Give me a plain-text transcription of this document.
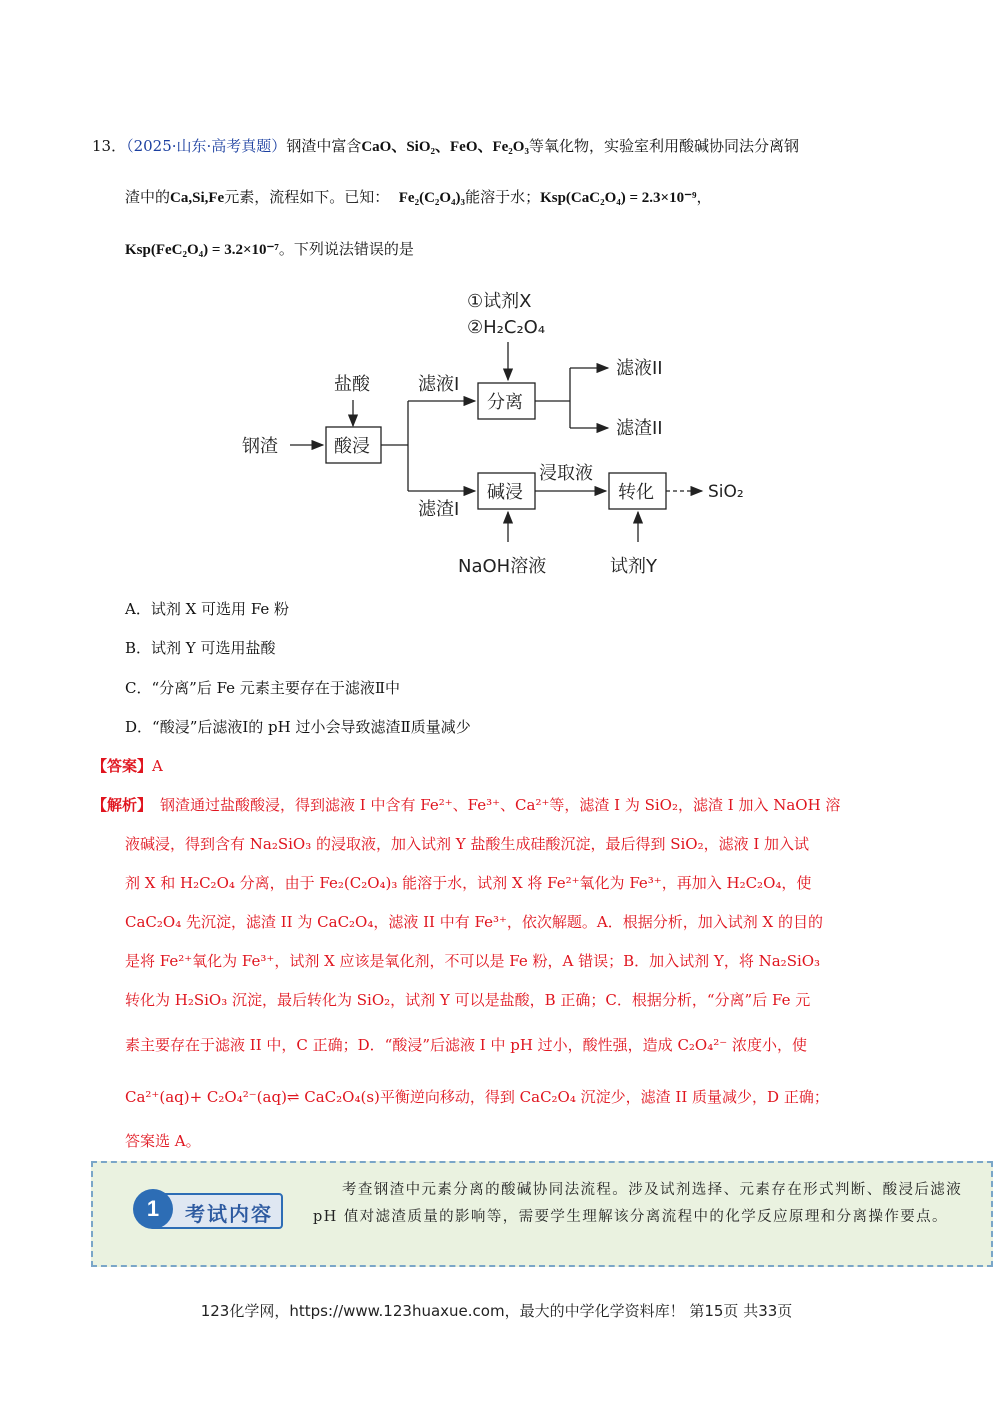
13．（2025·山东·高考真题）钢渣中富含CaO、SiO₂、FeO、Fe₂O₃等氧化物，实验室利用酸碱协同法分离钢
渣中的Ca,Si,Fe元素，流程如下。已知： Fe₂(C₂O₄)₃能溶于水；Ksp(CaC₂O₄) = 2.3×10⁻⁹，
Ksp(FeC₂O₄) = 3.2×10⁻⁷。下列说法错误的是
①试剂X
②H₂C₂O₄
盐酸
钢渣	酸浸
滤液I
滤渣I
分离
滤液II
滤渣II
碱浸
NaOH溶液
浸取液
转化
试剂Y
SiO₂
A．试剂 X 可选用 Fe 粉
B．试剂 Y 可选用盐酸
C．“分离”后 Fe 元素主要存在于滤液Ⅱ中
D．“酸浸”后滤液Ⅰ的 pH 过小会导致滤渣Ⅱ质量减少
【答案】A
【解析】 钢渣通过盐酸酸浸，得到滤液 I 中含有 Fe²⁺、Fe³⁺、Ca²⁺等，滤渣 I 为 SiO₂，滤渣 I 加入 NaOH 溶
液碱浸，得到含有 Na₂SiO₃ 的浸取液，加入试剂 Y 盐酸生成硅酸沉淀，最后得到 SiO₂，滤液 I 加入试
剂 X 和 H₂C₂O₄ 分离，由于 Fe₂(C₂O₄)₃ 能溶于水，试剂 X 将 Fe²⁺氧化为 Fe³⁺，再加入 H₂C₂O₄，使
CaC₂O₄ 先沉淀，滤渣 II 为 CaC₂O₄，滤液 II 中有 Fe³⁺，依次解题。A．根据分析，加入试剂 X 的目的
是将 Fe²⁺氧化为 Fe³⁺，试剂 X 应该是氧化剂，不可以是 Fe 粉，A 错误；B．加入试剂 Y，将 Na₂SiO₃
转化为 H₂SiO₃ 沉淀，最后转化为 SiO₂，试剂 Y 可以是盐酸，B 正确；C．根据分析，“分离”后 Fe 元
素主要存在于滤液 II 中，C 正确；D．“酸浸”后滤液 I 中 pH 过小，酸性强，造成 C₂O₄²⁻ 浓度小，使
Ca²⁺(aq)+ C₂O₄²⁻(aq)⇌ CaC₂O₄(s)平衡逆向移动，得到 CaC₂O₄ 沉淀少，滤渣 II 质量减少，D 正确；
答案选 A。
1	考试内容
考查钢渣中元素分离的酸碱协同法流程。涉及试剂选择、元素存在形式判断、酸浸后滤液 pH 值对滤渣质量的影响等，需要学生理解该分离流程中的化学反应原理和分离操作要点。
123化学网，https://www.123huaxue.com，最大的中学化学资料库！ 第15页 共33页
